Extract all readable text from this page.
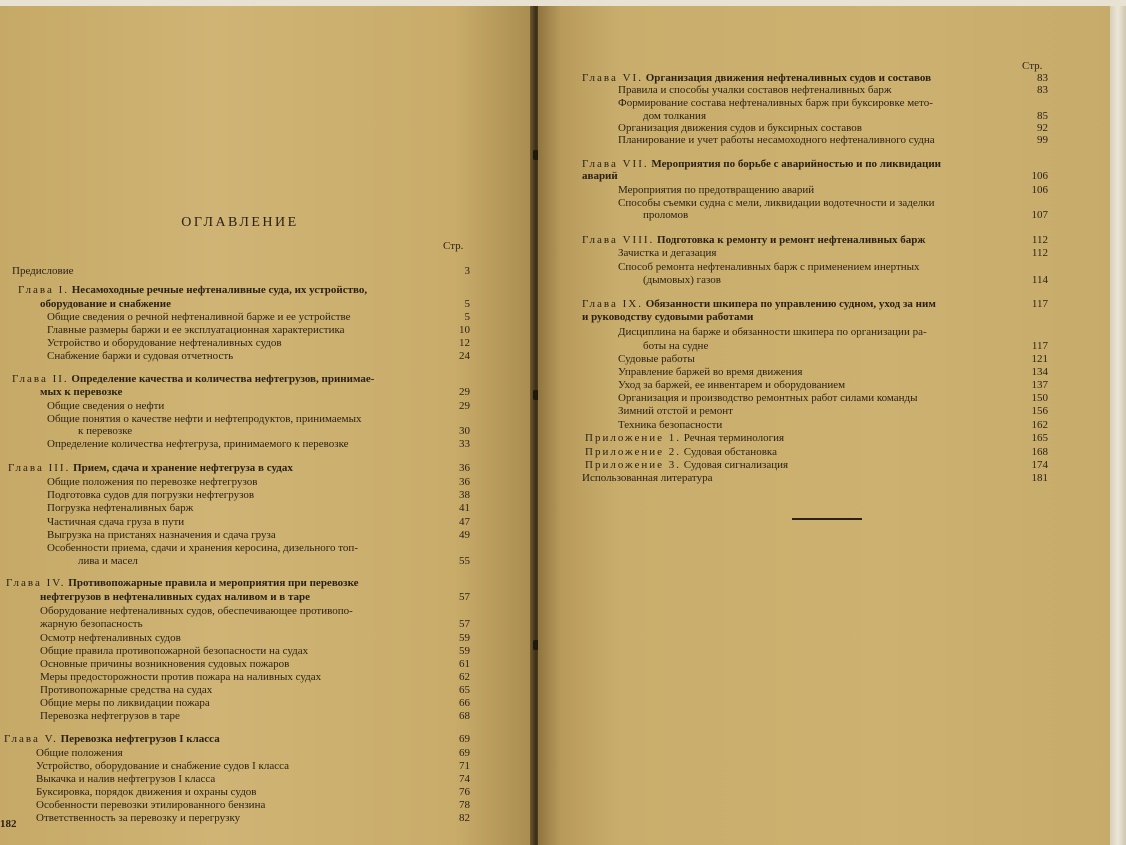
ОГЛАВЛЕНИЕ
Стр.
Предисловие	3
Глава I. Несамоходные речные нефтеналивные суда, их устройство,
оборудование и снабжение	5
Общие сведения о речной нефтеналивной барже и ее устройстве	5
Главные размеры баржи и ее эксплуатационная характеристика	10
Устройство и оборудование нефтеналивных судов	12
Снабжение баржи и судовая отчетность	24
Глава II. Определение качества и количества нефтегрузов, принимае-
мых к перевозке	29
Общие сведения о нефти	29
Общие понятия о качестве нефти и нефтепродуктов, принимаемых
к перевозке	30
Определение количества нефтегруза, принимаемого к перевозке	33
Глава III. Прием, сдача и хранение нефтегруза в судах	36
Общие положения по перевозке нефтегрузов	36
Подготовка судов для погрузки нефтегрузов	38
Погрузка нефтеналивных барж	41
Частичная сдача груза в пути	47
Выгрузка на пристанях назначения и сдача груза	49
Особенности приема, сдачи и хранения керосина, дизельного топ-
лива и масел	55
Глава IV. Противопожарные правила и мероприятия при перевозке
нефтегрузов в нефтеналивных судах наливом и в таре	57
Оборудование нефтеналивных судов, обеспечивающее противопо-
жарную безопасность	57
Осмотр нефтеналивных судов	59
Общие правила противопожарной безопасности на судах	59
Основные причины возникновения судовых пожаров	61
Меры предосторожности против пожара на наливных судах	62
Противопожарные средства на судах	65
Общие меры по ликвидации пожара	66
Перевозка нефтегрузов в таре	68
Глава V. Перевозка нефтегрузов I класса	69
Общие положения	69
Устройство, оборудование и снабжение судов I класса	71
Выкачка и налив нефтегрузов I класса	74
Буксировка, порядок движения и охраны судов	76
Особенности перевозки этилированного бензина	78
Ответственность за перевозку и перегрузку	82
182
Стр.
Глава VI. Организация движения нефтеналивных судов и составов	83
Правила и способы учалки составов нефтеналивных барж	83
Формирование состава нефтеналивных барж при буксировке мето-
дом толкания	85
Организация движения судов и буксирных составов	92
Планирование и учет работы несамоходного нефтеналивного судна	99
Глава VII. Мероприятия по борьбе с аварийностью и по ликвидации
аварий	106
Мероприятия по предотвращению аварий	106
Способы съемки судна с мели, ликвидации водотечности и заделки
проломов	107
Глава VIII. Подготовка к ремонту и ремонт нефтеналивных барж	112
Зачистка и дегазация	112
Способ ремонта нефтеналивных барж с применением инертных
(дымовых) газов	114
Глава IX. Обязанности шкипера по управлению судном, уход за ним	117
и руководству судовыми работами
Дисциплина на барже и обязанности шкипера по организации ра-
боты на судне	117
Судовые работы	121
Управление баржей во время движения	134
Уход за баржей, ее инвентарем и оборудованием	137
Организация и производство ремонтных работ силами команды	150
Зимний отстой и ремонт	156
Техника безопасности	162
Приложение 1. Речная терминология	165
Приложение 2. Судовая обстановка	168
Приложение 3. Судовая сигнализация	174
Использованная литература	181
